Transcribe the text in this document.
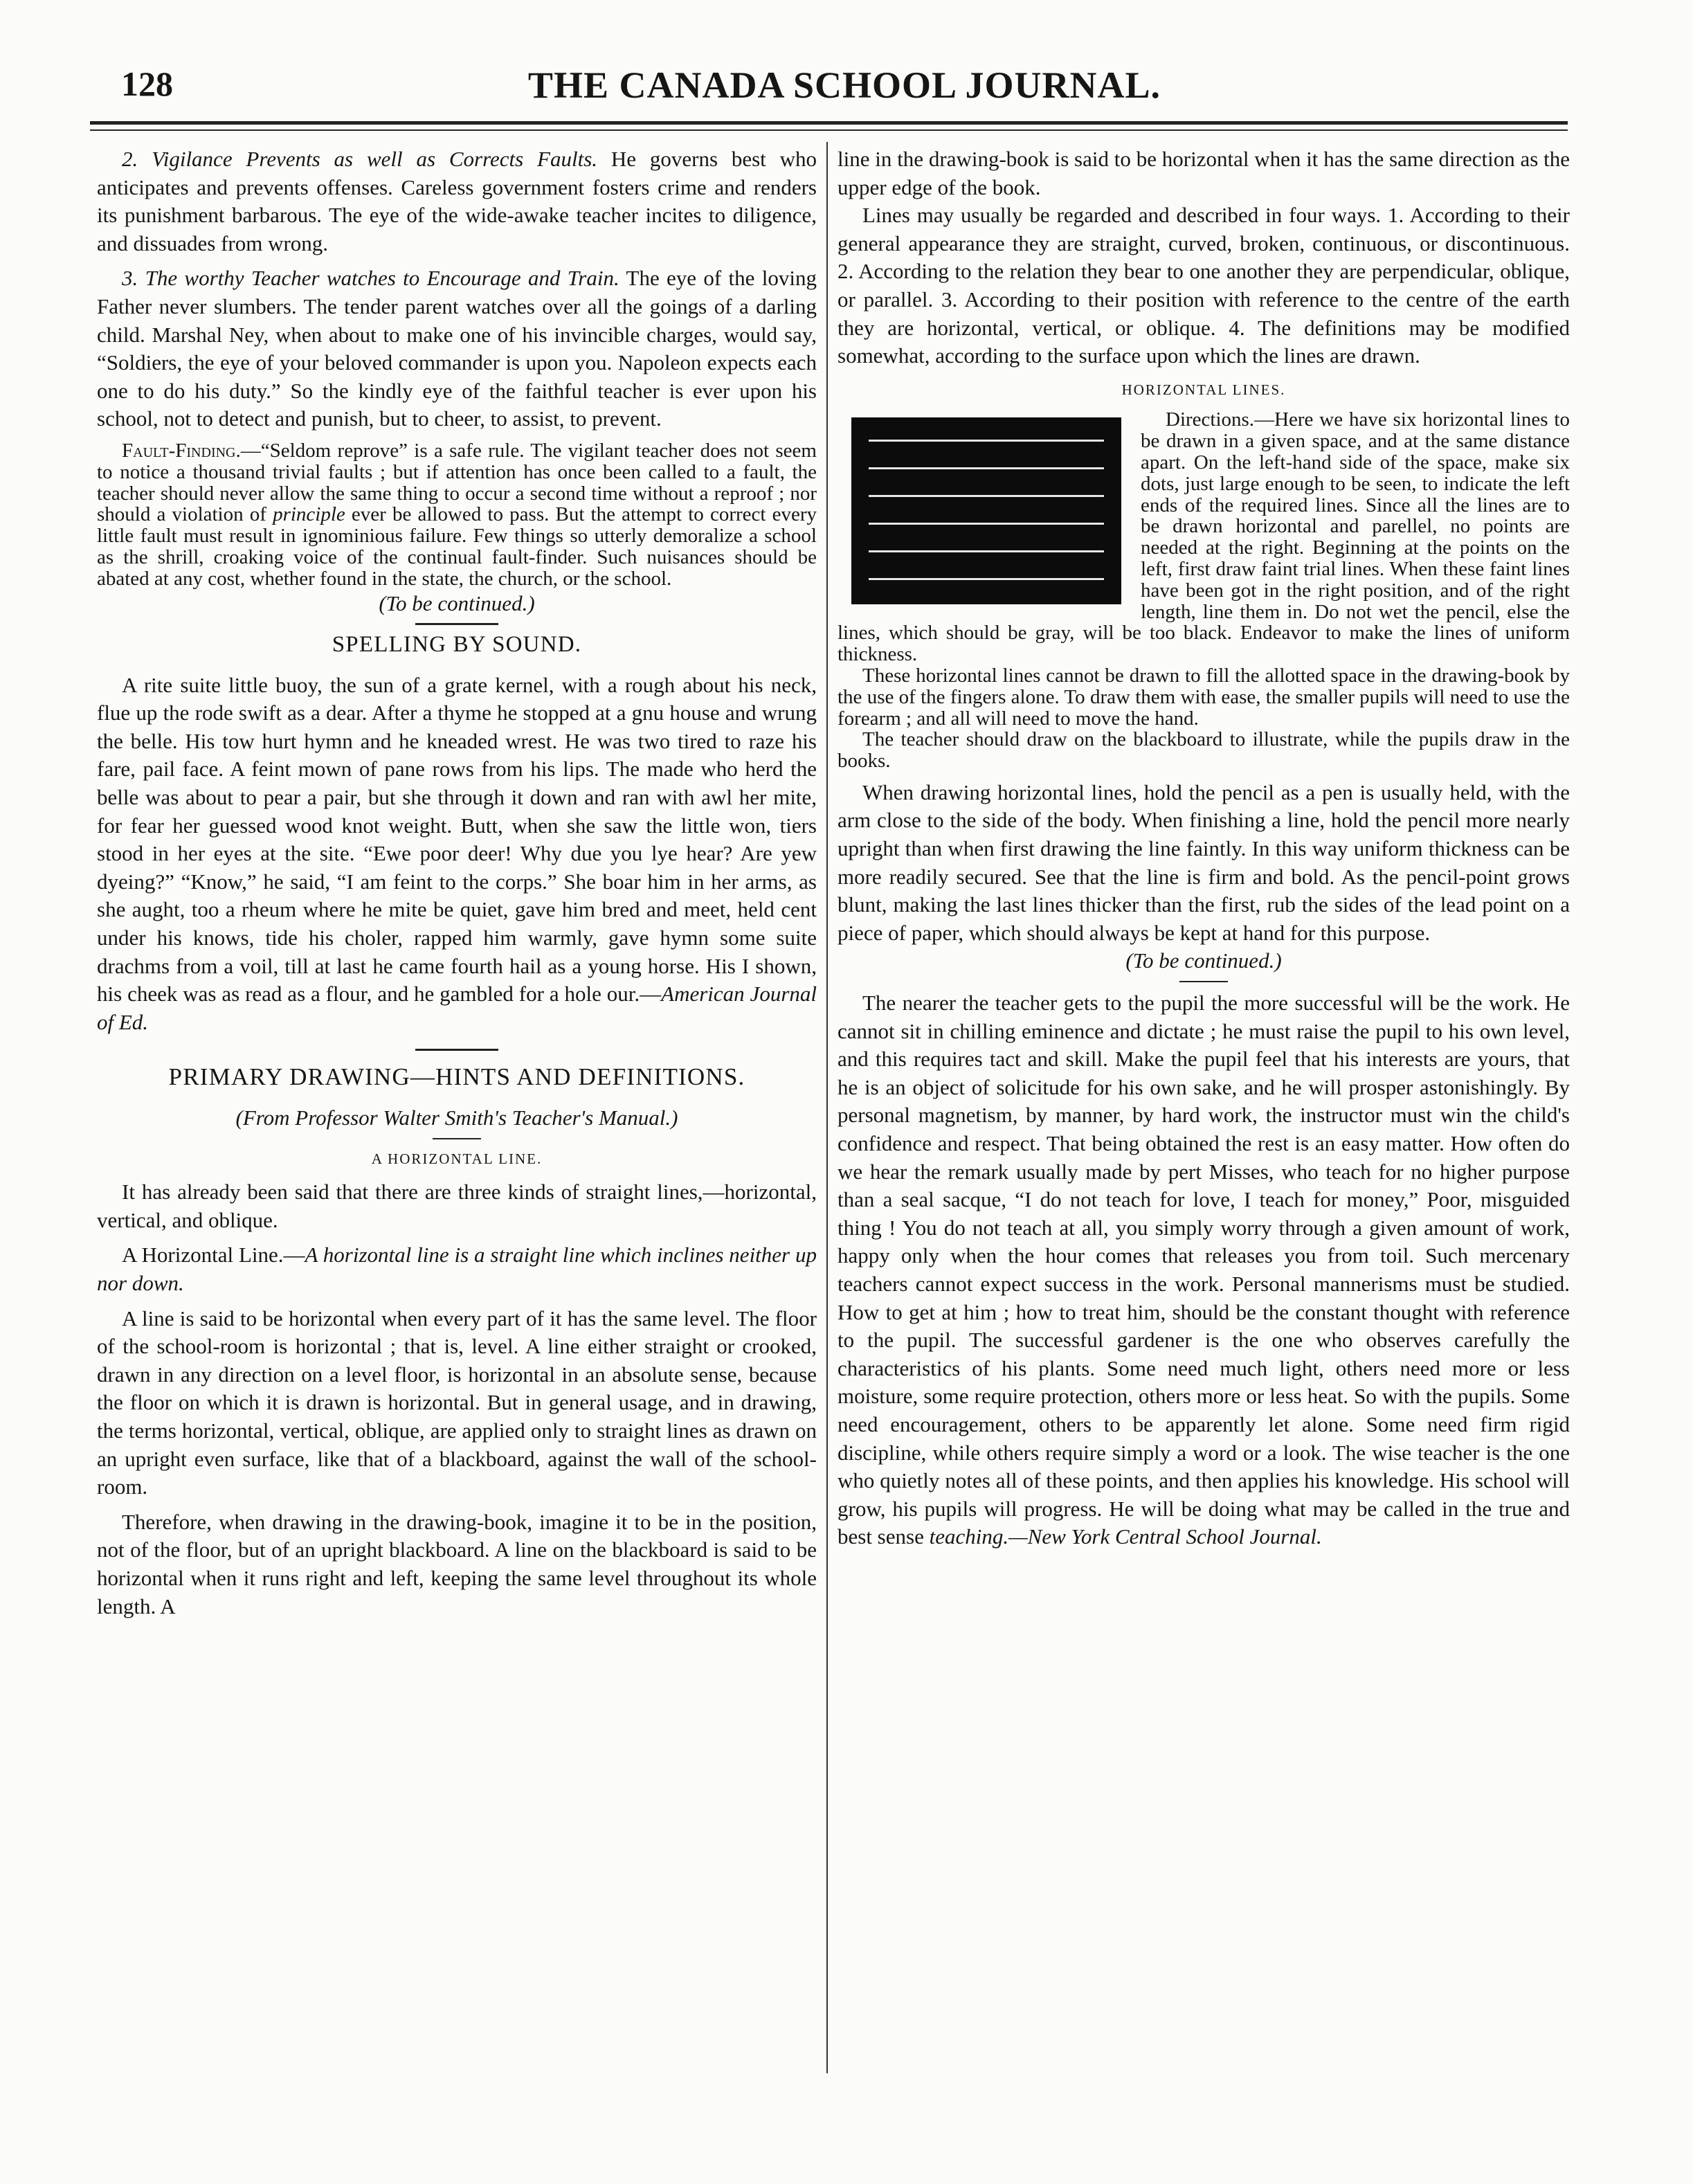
128	THE CANADA SCHOOL JOURNAL.

2. Vigilance Prevents as well as Corrects Faults. He governs best who anticipates and prevents offenses. Careless government fosters crime and renders its punishment barbarous. The eye of the wide-awake teacher incites to diligence, and dissuades from wrong.

3. The worthy Teacher watches to Encourage and Train. The eye of the loving Father never slumbers. The tender parent watches over all the goings of a darling child. Marshal Ney, when about to make one of his invincible charges, would say, “Soldiers, the eye of your beloved commander is upon you. Napoleon expects each one to do his duty.” So the kindly eye of the faithful teacher is ever upon his school, not to detect and punish, but to cheer, to assist, to prevent.

Fault-Finding.—“Seldom reprove” is a safe rule. The vigilant teacher does not seem to notice a thousand trivial faults ; but if attention has once been called to a fault, the teacher should never allow the same thing to occur a second time without a reproof ; nor should a violation of principle ever be allowed to pass. But the attempt to correct every little fault must result in ignominious failure. Few things so utterly demoralize a school as the shrill, croaking voice of the continual fault-finder. Such nuisances should be abated at any cost, whether found in the state, the church, or the school.

(To be continued.)

SPELLING BY SOUND.

A rite suite little buoy, the sun of a grate kernel, with a rough about his neck, flue up the rode swift as a dear. After a thyme he stopped at a gnu house and wrung the belle. His tow hurt hymn and he kneaded wrest. He was two tired to raze his fare, pail face. A feint mown of pane rows from his lips. The made who herd the belle was about to pear a pair, but she through it down and ran with awl her mite, for fear her guessed wood knot weight. Butt, when she saw the little won, tiers stood in her eyes at the site. “Ewe poor deer! Why due you lye hear? Are yew dyeing?” “Know,” he said, “I am feint to the corps.” She boar him in her arms, as she aught, too a rheum where he mite be quiet, gave him bred and meet, held cent under his knows, tide his choler, rapped him warmly, gave hymn some suite drachms from a voil, till at last he came fourth hail as a young horse. His I shown, his cheek was as read as a flour, and he gambled for a hole our.—American Journal of Ed.

PRIMARY DRAWING—HINTS AND DEFINITIONS.

(From Professor Walter Smith's Teacher's Manual.)

A HORIZONTAL LINE.

It has already been said that there are three kinds of straight lines,—horizontal, vertical, and oblique.

A Horizontal Line.—A horizontal line is a straight line which inclines neither up nor down.

A line is said to be horizontal when every part of it has the same level. The floor of the school-room is horizontal ; that is, level. A line either straight or crooked, drawn in any direction on a level floor, is horizontal in an absolute sense, because the floor on which it is drawn is horizontal. But in general usage, and in drawing, the terms horizontal, vertical, oblique, are applied only to straight lines as drawn on an upright even surface, like that of a blackboard, against the wall of the school-room.

Therefore, when drawing in the drawing-book, imagine it to be in the position, not of the floor, but of an upright blackboard. A line on the blackboard is said to be horizontal when it runs right and left, keeping the same level throughout its whole length. A

line in the drawing-book is said to be horizontal when it has the same direction as the upper edge of the book.

Lines may usually be regarded and described in four ways. 1. According to their general appearance they are straight, curved, broken, continuous, or discontinuous. 2. According to the relation they bear to one another they are perpendicular, oblique, or parallel. 3. According to their position with reference to the centre of the earth they are horizontal, vertical, or oblique. 4. The definitions may be modified somewhat, according to the surface upon which the lines are drawn.

HORIZONTAL LINES.

Directions.
—Here we have six horizontal lines to be drawn in a given space, and at the same distance apart. On the left-hand side of the space, make six dots, just large enough to be seen, to indicate the left ends of the required lines. Since all the lines are to be drawn horizontal and parellel, no points are needed at the right. Beginning at the points on the left, first draw faint trial lines. When these faint lines have been got in the right position, and of the right length, line them in. Do not wet the pencil, else the lines, which should be gray, will be too black. Endeavor to make the lines of uniform thickness.

These horizontal lines cannot be drawn to fill the allotted space in the drawing-book by the use of the fingers alone. To draw them with ease, the smaller pupils will need to use the forearm ; and all will need to move the hand.

The teacher should draw on the blackboard to illustrate, while the pupils draw in the books.

When drawing horizontal lines, hold the pencil as a pen is usually held, with the arm close to the side of the body. When finishing a line, hold the pencil more nearly upright than when first drawing the line faintly. In this way uniform thickness can be more readily secured. See that the line is firm and bold. As the pencil-point grows blunt, making the last lines thicker than the first, rub the sides of the lead point on a piece of paper, which should always be kept at hand for this purpose.

(To be continued.)

The nearer the teacher gets to the pupil the more successful will be the work. He cannot sit in chilling eminence and dictate ; he must raise the pupil to his own level, and this requires tact and skill. Make the pupil feel that his interests are yours, that he is an object of solicitude for his own sake, and he will prosper astonishingly. By personal magnetism, by manner, by hard work, the instructor must win the child's confidence and respect. That being obtained the rest is an easy matter. How often do we hear the remark usually made by pert Misses, who teach for no higher purpose than a seal sacque, “I do not teach for love, I teach for money,” Poor, misguided thing ! You do not teach at all, you simply worry through a given amount of work, happy only when the hour comes that releases you from toil. Such mercenary teachers cannot expect success in the work. Personal mannerisms must be studied. How to get at him ; how to treat him, should be the constant thought with reference to the pupil. The successful gardener is the one who observes carefully the characteristics of his plants. Some need much light, others need more or less moisture, some require protection, others more or less heat. So with the pupils. Some need encouragement, others to be apparently let alone. Some need firm rigid discipline, while others require simply a word or a look. The wise teacher is the one who quietly notes all of these points, and then applies his knowledge. His school will grow, his pupils will progress. He will be doing what may be called in the true and best sense teaching.—New York Central School Journal.
